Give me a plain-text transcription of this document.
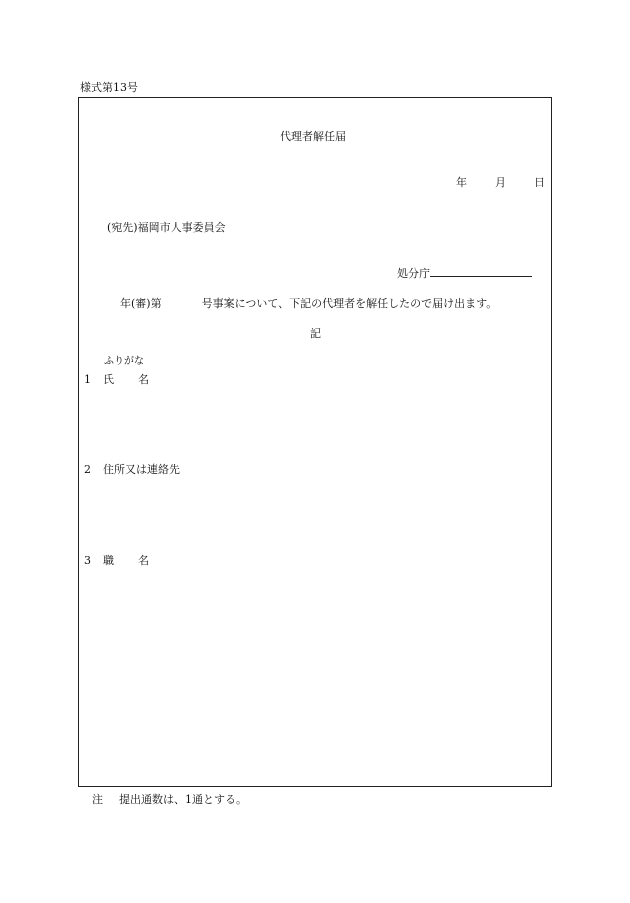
様式第13号
代理者解任届
年	月	日
(宛先)福岡市人事委員会
処分庁
年(審)第	号事案について、下記の代理者を解任したので届け出ます。
記
ふりがな
1 氏 名
2 住所又は連絡先
3 職 名
注 提出通数は、1通とする。
